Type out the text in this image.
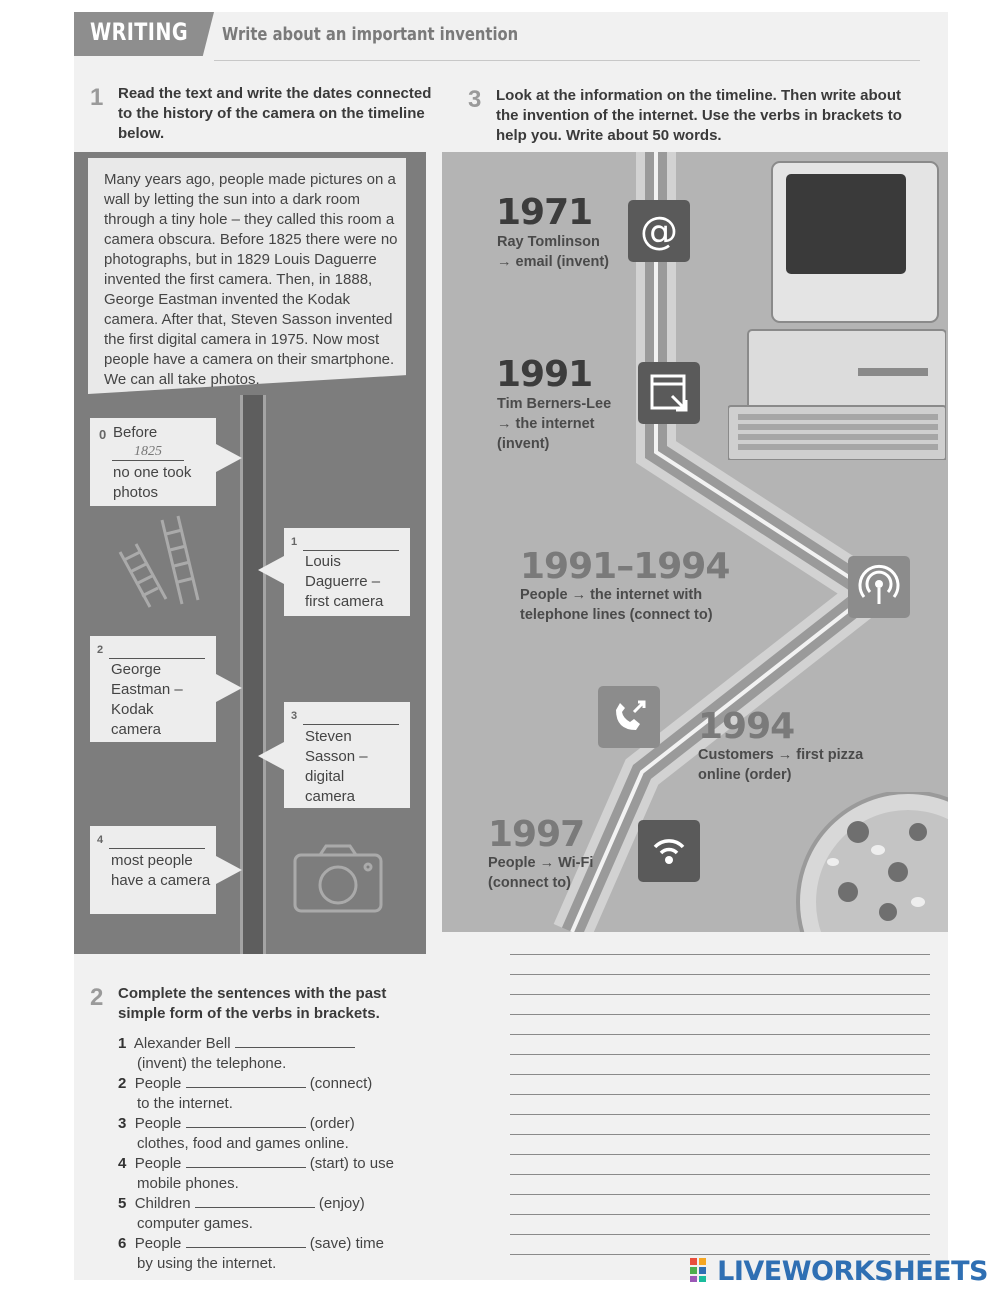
WRITING Write about an important invention
1 Read the text and write the dates connected to the history of the camera on the timeline below.
3 Look at the information on the timeline. Then write about the invention of the internet. Use the verbs in brackets to help you. Write about 50 words.
Many years ago, people made pictures on a wall by letting the sun into a dark room through a tiny hole – they called this room a camera obscura. Before 1825 there were no photographs, but in 1829 Louis Daguerre invented the first camera. Then, in 1888, George Eastman invented the Kodak camera. After that, Steven Sasson invented the first digital camera in 1975. Now most people have a camera on their smartphone. We can all take photos.
0 Before
1825
no one took photos
1
Louis Daguerre – first camera
2
George Eastman – Kodak camera
3
Steven Sasson – digital camera
4
most people have a camera
1971
Ray Tomlinson
→ email (invent)
@
1991
Tim Berners-Lee
→ the internet
(invent)
1991–1994
People → the internet with
telephone lines (connect to)
1994
Customers → first pizza
online (order)
1997
People → Wi-Fi
(connect to)
2 Complete the sentences with the past simple form of the verbs in brackets.
1 Alexander Bell
(invent) the telephone.
2 People	(connect)
to the internet.
3 People	(order)
clothes, food and games online.
4 People	(start) to use
mobile phones.
5 Children	(enjoy)
computer games.
6 People	(save) time
by using the internet.	LIVEWORKSHEETS
